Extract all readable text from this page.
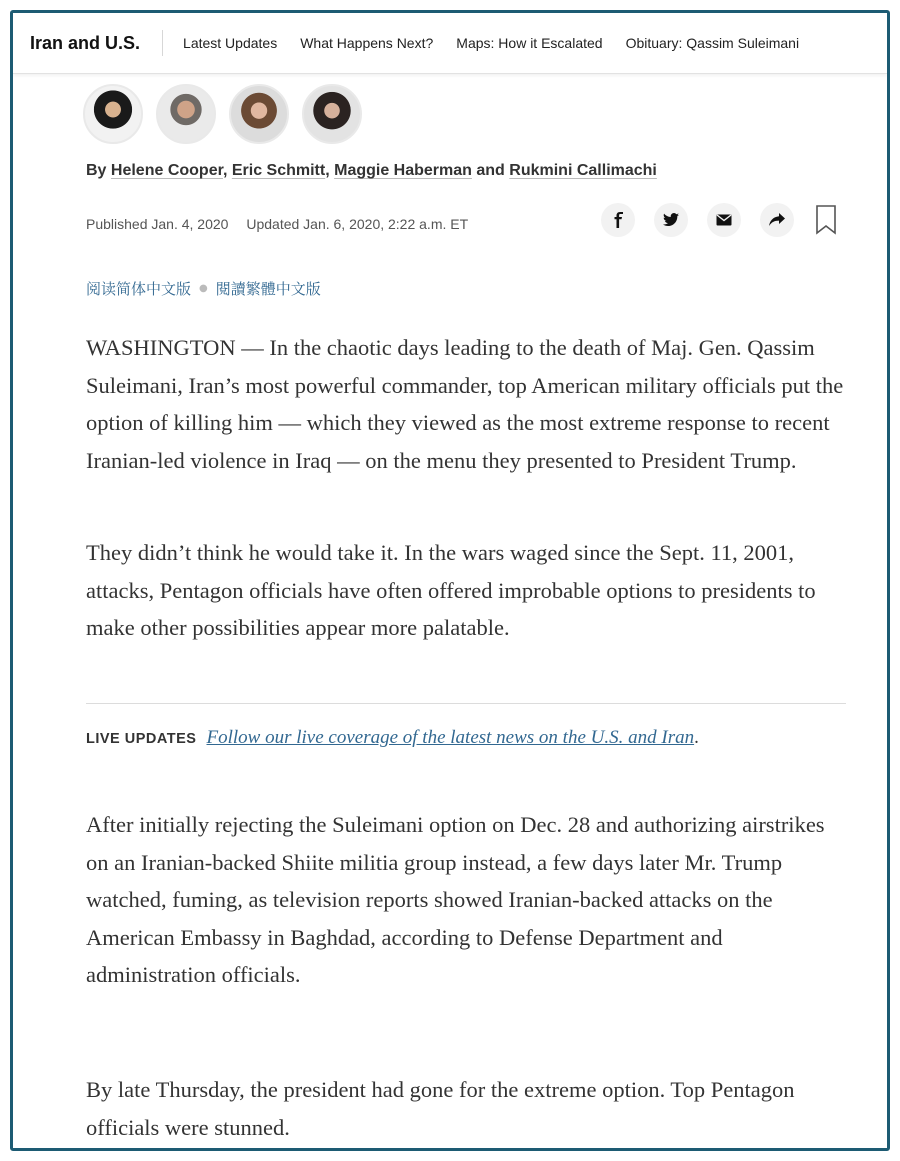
Iran and U.S.	Latest Updates What Happens Next? Maps: How it Escalated Obituary: Qassim Suleimani
By Helene Cooper, Eric Schmitt, Maggie Haberman and Rukmini Callimachi
Published Jan. 4, 2020 Updated Jan. 6, 2020, 2:22 a.m. ET
阅读简体中文版 ● 閱讀繁體中文版

WASHINGTON — In the chaotic days leading to the death of Maj. Gen. Qassim Suleimani, Iran’s most powerful commander, top American military officials put the option of killing him — which they viewed as the most extreme response to recent Iranian-led violence in Iraq — on the menu they presented to President Trump.

They didn’t think he would take it. In the wars waged since the Sept. 11, 2001, attacks, Pentagon officials have often offered improbable options to presidents to make other possibilities appear more palatable.

LIVE UPDATES Follow our live coverage of the latest news on the U.S. and Iran.

After initially rejecting the Suleimani option on Dec. 28 and authorizing airstrikes on an Iranian-backed Shiite militia group instead, a few days later Mr. Trump watched, fuming, as television reports showed Iranian-backed attacks on the American Embassy in Baghdad, according to Defense Department and administration officials.

By late Thursday, the president had gone for the extreme option. Top Pentagon officials were stunned.
